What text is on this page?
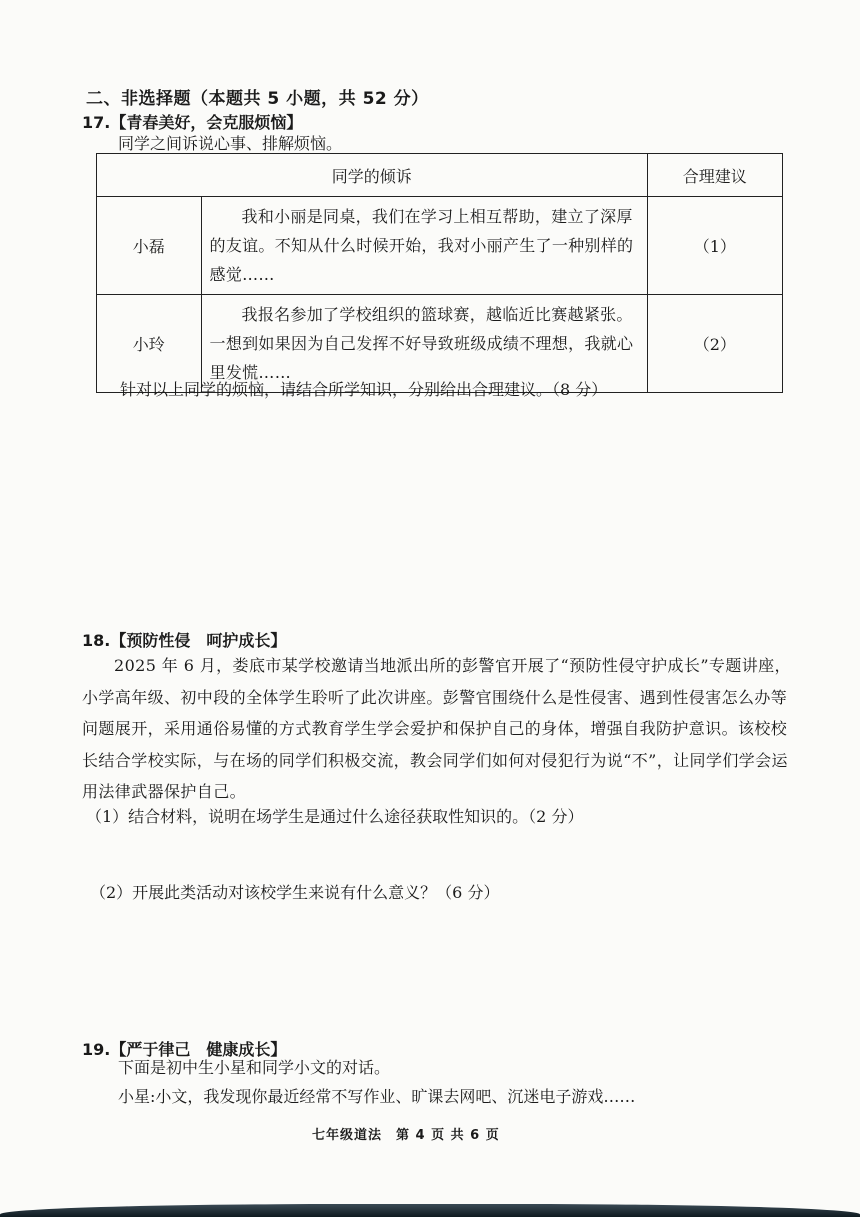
二、非选择题（本题共 5 小题，共 52 分）
17.【青春美好，会克服烦恼】
同学之间诉说心事、排解烦恼。
同学的倾诉		合理建议
小磊	我和小丽是同桌，我们在学习上相互帮助，建立了深厚的友谊。不知从什么时候开始，我对小丽产生了一种别样的感觉……	（1）
小玲	我报名参加了学校组织的篮球赛，越临近比赛越紧张。一想到如果因为自己发挥不好导致班级成绩不理想，我就心里发慌……	（2）
针对以上同学的烦恼，请结合所学知识，分别给出合理建议。（8 分）
18.【预防性侵　呵护成长】
2025 年 6 月，娄底市某学校邀请当地派出所的彭警官开展了“预防性侵守护成长”专题讲座，小学高年级、初中段的全体学生聆听了此次讲座。彭警官围绕什么是性侵害、遇到性侵害怎么办等问题展开，采用通俗易懂的方式教育学生学会爱护和保护自己的身体，增强自我防护意识。该校校长结合学校实际，与在场的同学们积极交流，教会同学们如何对侵犯行为说“不”，让同学们学会运用法律武器保护自己。
（1）结合材料，说明在场学生是通过什么途径获取性知识的。（2 分）
（2）开展此类活动对该校学生来说有什么意义？（6 分）
19.【严于律己　健康成长】
下面是初中生小星和同学小文的对话。
小星:小文，我发现你最近经常不写作业、旷课去网吧、沉迷电子游戏……
七年级道法　第 4 页 共 6 页
